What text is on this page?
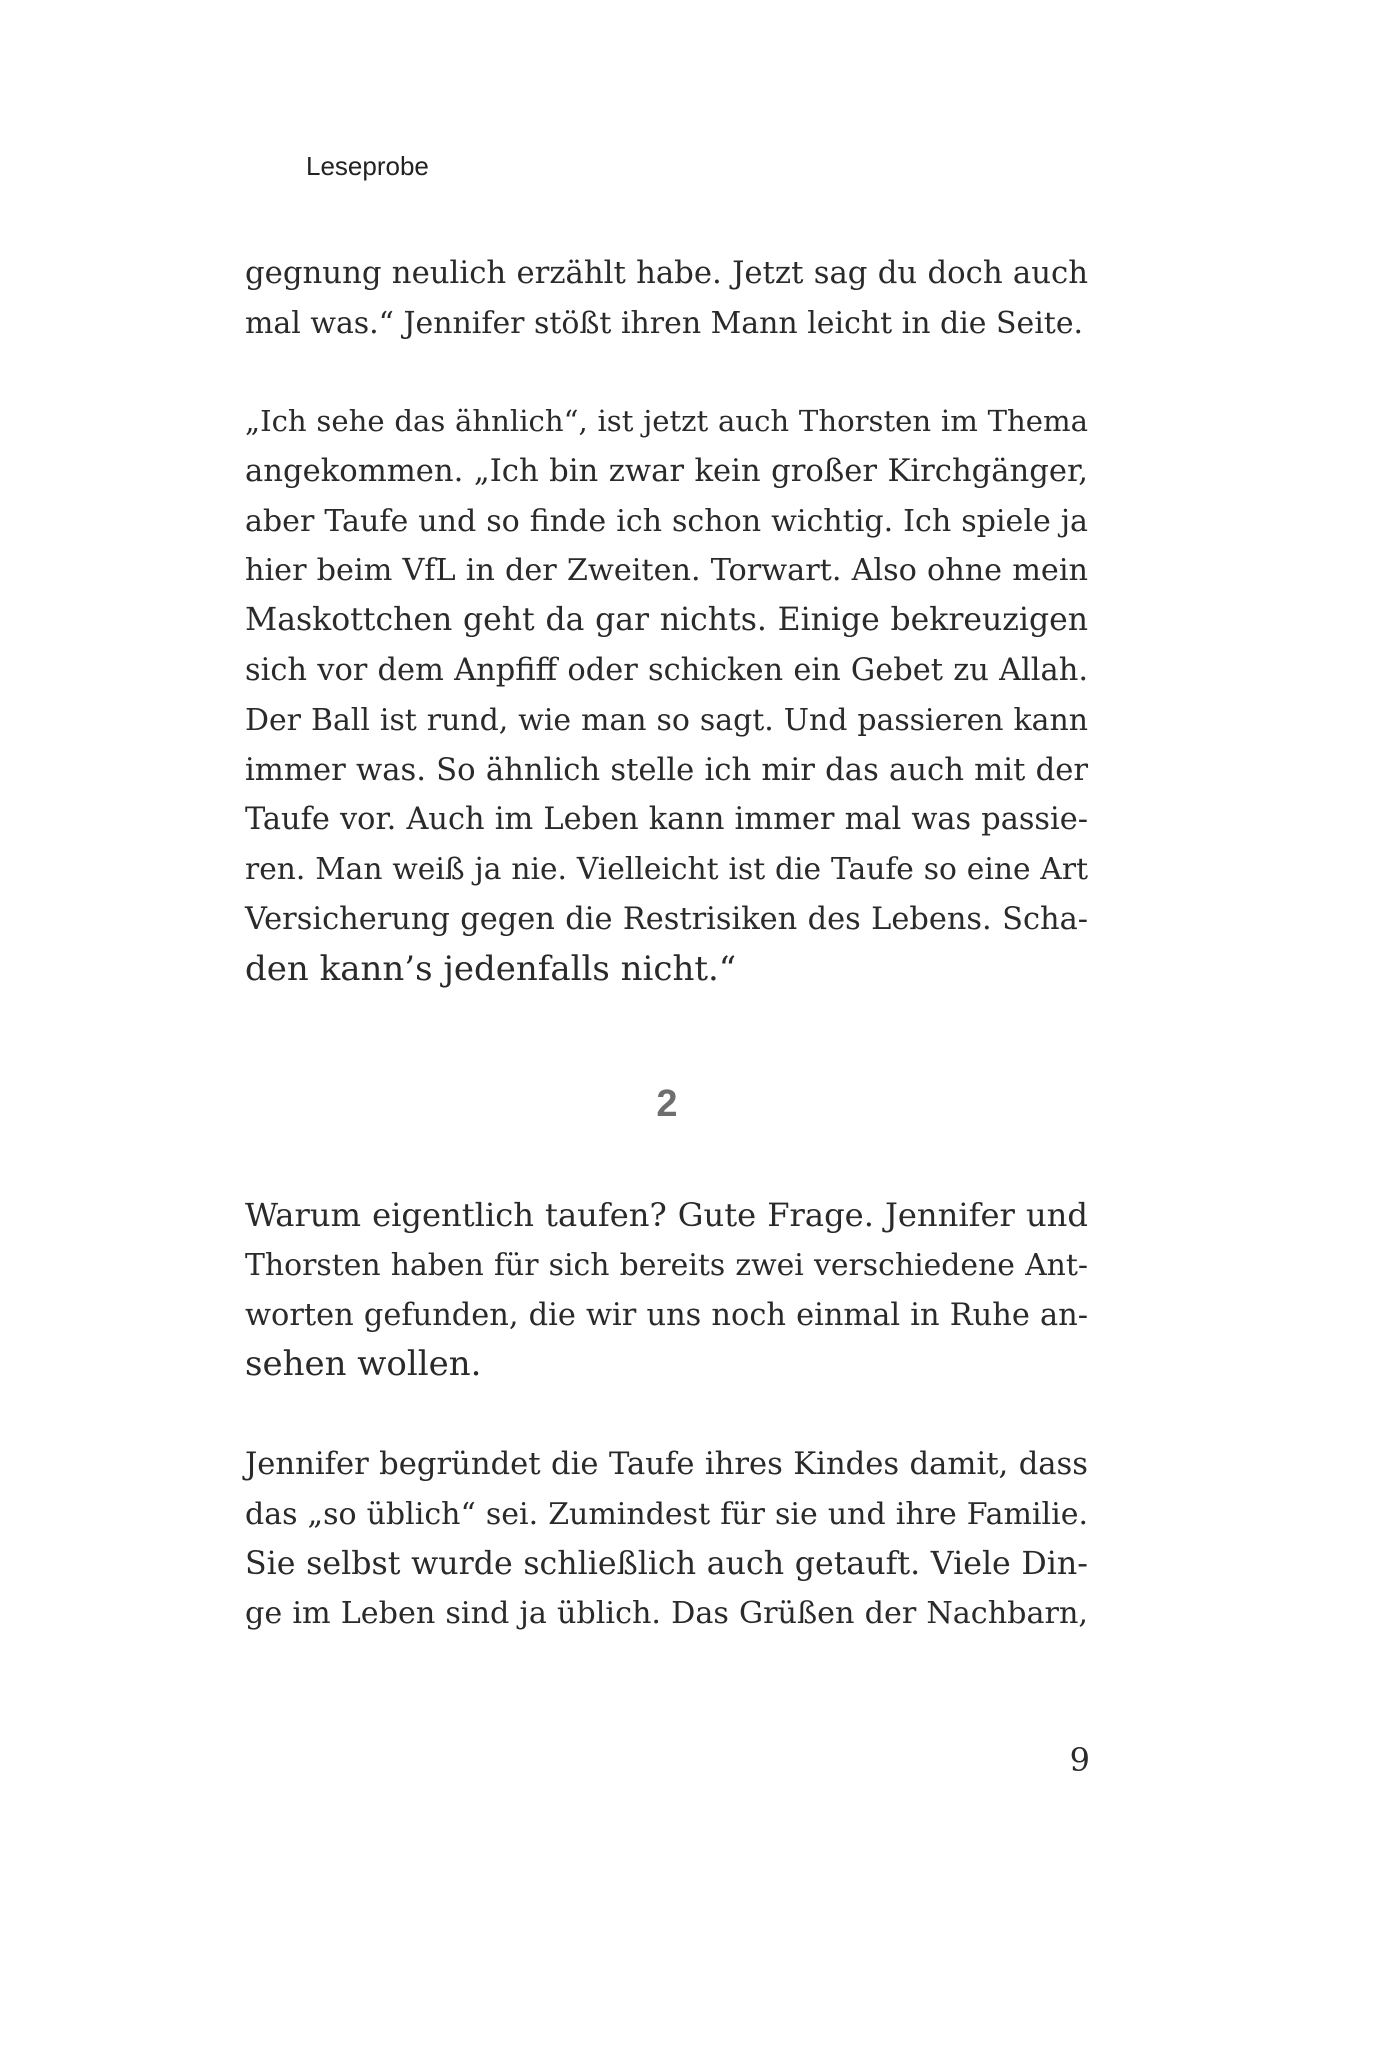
Leseprobe

gegnung neulich erzählt habe. Jetzt sag du doch auch
mal was.“ Jennifer stößt ihren Mann leicht in die Seite.
„Ich sehe das ähnlich“, ist jetzt auch Thorsten im Thema
angekommen. „Ich bin zwar kein großer Kirchgänger,
aber Taufe und so finde ich schon wichtig. Ich spiele ja
hier beim VfL in der Zweiten. Torwart. Also ohne mein
Maskottchen geht da gar nichts. Einige bekreuzigen
sich vor dem Anpfiff oder schicken ein Gebet zu Allah.
Der Ball ist rund, wie man so sagt. Und passieren kann
immer was. So ähnlich stelle ich mir das auch mit der
Taufe vor. Auch im Leben kann immer mal was passie-
ren. Man weiß ja nie. Vielleicht ist die Taufe so eine Art
Versicherung gegen die Restrisiken des Lebens. Scha-
den kann’s jedenfalls nicht.“

2

Warum eigentlich taufen? Gute Frage. Jennifer und
Thorsten haben für sich bereits zwei verschiedene Ant-
worten gefunden, die wir uns noch einmal in Ruhe an-
sehen wollen.
Jennifer begründet die Taufe ihres Kindes damit, dass
das „so üblich“ sei. Zumindest für sie und ihre Familie.
Sie selbst wurde schließlich auch getauft. Viele Din-
ge im Leben sind ja üblich. Das Grüßen der Nachbarn,

9
